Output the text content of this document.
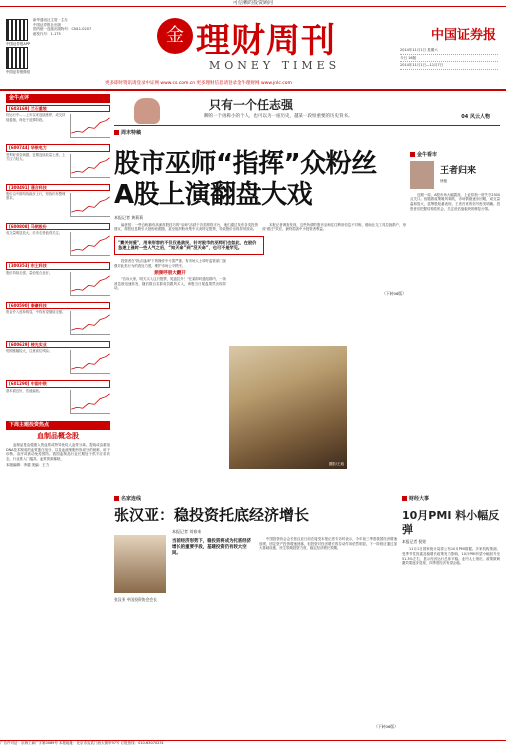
可信赖的投资顾问
中国证券报APP
中国证券报微信
新华通讯社主管 · 主办
中国证券报社出版
国内统一连续出版物号：CN11-0207
邮发代号：1-175	金 理财周刊
MONEY TIMES
中国证券报
2014年11月1日 星期六
今日 16版
2014年11月1日—11月7日
更多即时资讯请登录中证网 www.cs.com.cn 更多理财信息请登录金牛理财网 www.jnlc.com
金牛点评
[603169] 兰石重装
仍运行中……上市以来连续涨停，成交持续萎缩，尚处于追捧阶段。
[600744] 华银电力
受利好消息刺激，近期连续放量上涨，上方压力较大。
[300491] 通合科技
股价沿中期均线稳步上行，短线仍有整理需求。
[600808] 马钢股份
成交量明显放大，后市走势值得关注。
[300353] 东土科技
股价持续走强，量价配合良好。
[600590] 泰豪科技
资金介入迹象明显，中线有望继续走强。
[600629] 棱光实业
短期涨幅较大，注意高位风险。
[601290] 中国中铁
基本面良好，估值偏低。
下周主题投资热点
血制品概念股
血制品是由健康人的血浆或特异免疫人血浆分离、提纯或由重组DNA技术制成的血浆蛋白组分，以及血液细胞有形成分的统称，用于诊断、治疗或被动免疫预防。我国血制品行业长期处于供不应求状态，行业准入门槛高，血浆资源稀缺。
本版编辑：李超 美编：王力
只有一个任志强
聊的一个再称小的个人，也可以为一座历史，越某一段恒重要的历史背书。	04 风云人物
周末特稿
股市巫师“指挥”众粉丝
A股上演翻盘大戏
本报记者 黄莉莉
编者按：一些自称拥有高深荐股技巧的"巫师"活跃于各类网络平台，他们通过发布各类投资建议、荐股信息吸引大批粉丝跟随，甚至组织粉丝集中买卖特定股票，导致股价出现异常波动。
本报记者调查发现，这些所谓的股市巫师往往利用信息不对称，借助社交工具拉拢散户，形成"跟庄"效应，最终损害中小投资者利益。
"赛关何爱"，用来形容的不仅仅是欲民，针对股市的巫师们也如此，在股价急速上涨时一些人气之后，“知天命”到“没天命”，也可不是罕见。
投资者在"指点迷津"下的操作中亏损严重，有市场人士呼吁监管部门加强对此类行为的查处力度，维护市场公平秩序。
频频呼朋大翻开
"告诉大家，明天买入这只股票，尾盘拉升！"在某即时通信群内，一条消息被迅速转发，随后数百名群成员跟风买入，该股当日尾盘果然出现异动。
（下转06版）
摄影/王迪
金牛看市
王者归来
徐留
近期一周，A股市场大幅震荡，上证综指一度失守2300点关口。但随着政策暖风频吹，市场情绪逐步回暖，成交量温和放大，蓝筹股轮番表现，王者归来的信号愈发明确。投资者应把握结构性机会，关注低估值板块的修复行情。
名家连线
张汉亚：稳投资托底经济增长
张汉亚 中国投资协会会长
本报记者 刘春来
当前经济形势下，稳投资将成为托底经济增长的重要手段，基建投资仍有较大空间。
中国投资协会会长张汉亚日前在接受本报记者专访时表示，今年前三季度我国经济增速放缓，固定资产投资增速回落，但投资对经济增长的拉动作用依然明显。下一阶段应通过加大基础设施、民生领域投资力度，稳定经济增长预期。
（下转06版）
财经大事
10月PMI 料小幅反弹
本报记者 倪铭
11月1日国家统计局将公布10月PMI数据。多家机构预测，受季节性因素及稳增长政策发力影响，10月PMI有望小幅回升至51.3%左右，显示经济运行总体平稳。业内人士指出，政策微刺激效果逐步显现，四季度经济有望企稳。
广告许可证：京海工商广字第0069号 本报地址：北京市宣武门西大街甲97号 订报热线：010-63070231
